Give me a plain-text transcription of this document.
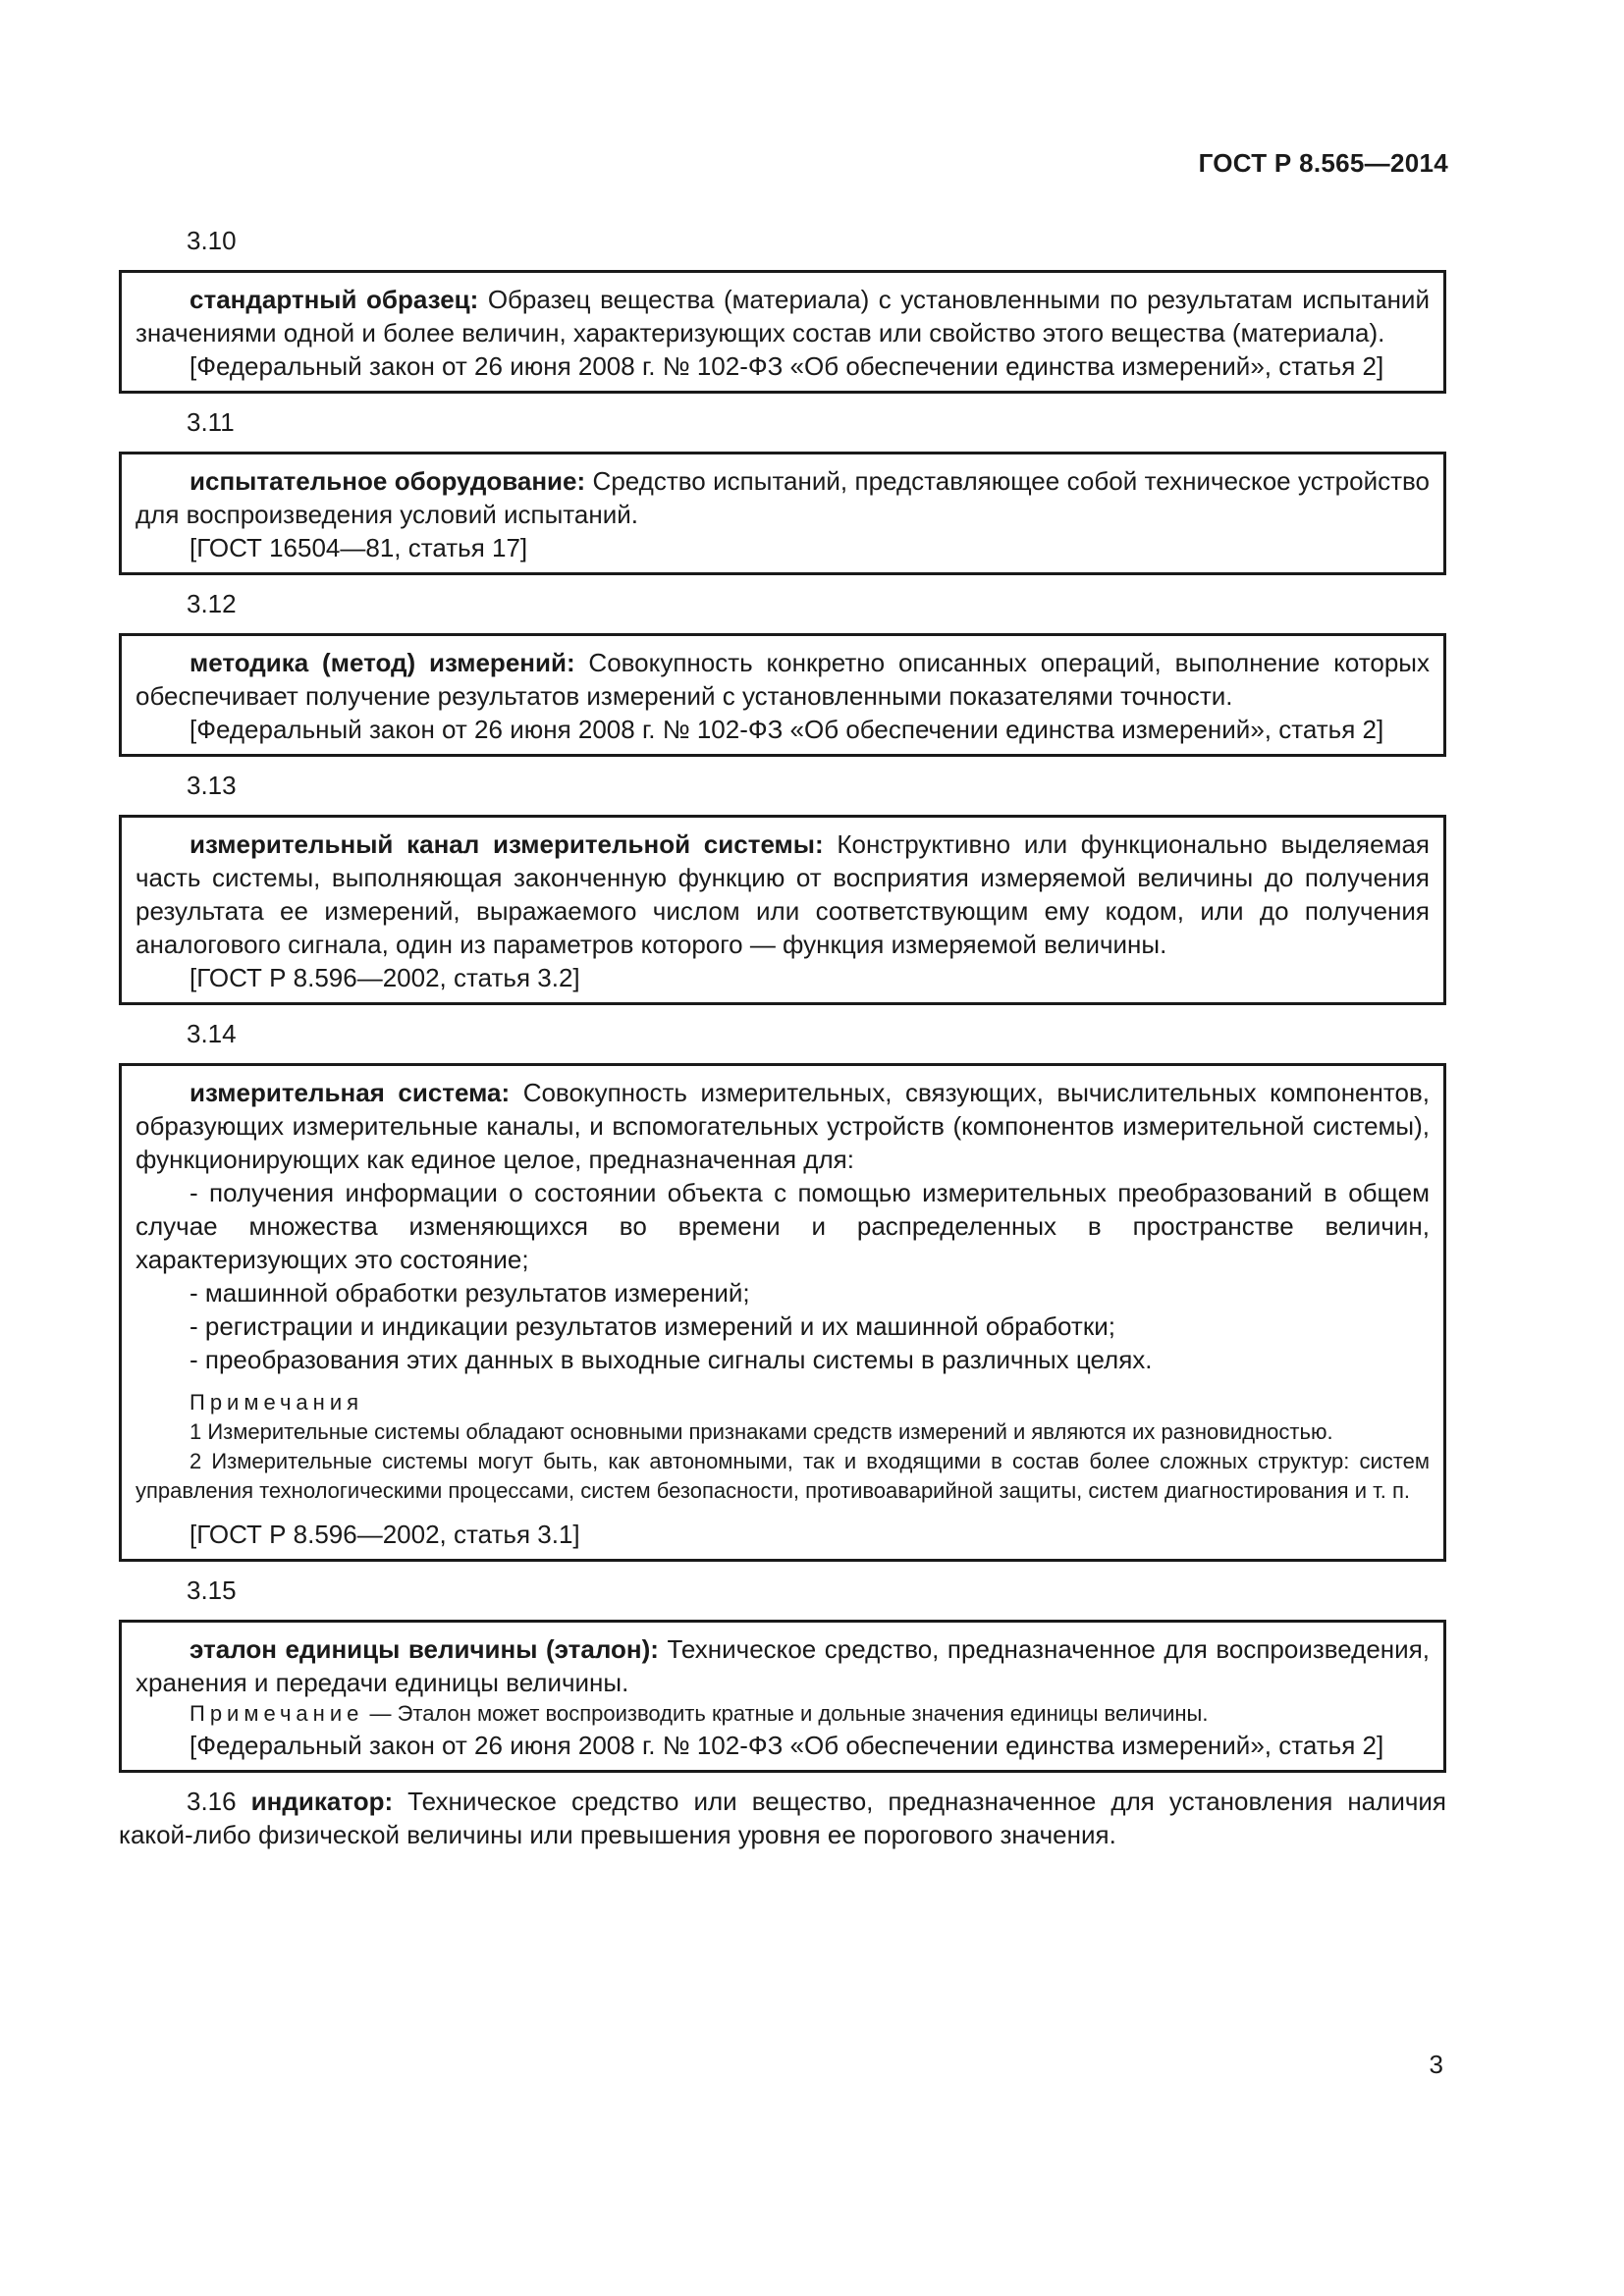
ГОСТ Р 8.565—2014
3.10

стандартный образец: Образец вещества (материала) с установленными по результатам испытаний значениями одной и более величин, характеризующих состав или свойство этого вещества (материала).

[Федеральный закон от 26 июня 2008 г. № 102-ФЗ «Об обеспечении единства измерений», статья 2]

3.11

испытательное оборудование: Средство испытаний, представляющее собой техническое устройство для воспроизведения условий испытаний.

[ГОСТ 16504—81, статья 17]

3.12

методика (метод) измерений: Совокупность конкретно описанных операций, выполнение которых обеспечивает получение результатов измерений с установленными показателями точности.

[Федеральный закон от 26 июня 2008 г. № 102-ФЗ «Об обеспечении единства измерений», статья 2]

3.13

измерительный канал измерительной системы: Конструктивно или функционально выделяемая часть системы, выполняющая законченную функцию от восприятия измеряемой величины до получения результата ее измерений, выражаемого числом или соответствующим ему кодом, или до получения аналогового сигнала, один из параметров которого — функция измеряемой величины.

[ГОСТ Р 8.596—2002, статья 3.2]

3.14

измерительная система: Совокупность измерительных, связующих, вычислительных компонентов, образующих измерительные каналы, и вспомогательных устройств (компонентов измерительной системы), функционирующих как единое целое, предназначенная для:

- получения информации о состоянии объекта с помощью измерительных преобразований в общем случае множества изменяющихся во времени и распределенных в пространстве величин, характеризующих это состояние;

- машинной обработки результатов измерений;

- регистрации и индикации результатов измерений и их машинной обработки;

- преобразования этих данных в выходные сигналы системы в различных целях.

Примечания

1 Измерительные системы обладают основными признаками средств измерений и являются их разновидностью.

2 Измерительные системы могут быть, как автономными, так и входящими в состав более сложных структур: систем управления технологическими процессами, систем безопасности, противоаварийной защиты, систем диагностирования и т. п.

[ГОСТ Р 8.596—2002, статья 3.1]

3.15

эталон единицы величины (эталон): Техническое средство, предназначенное для воспроизведения, хранения и передачи единицы величины.

Примечание — Эталон может воспроизводить кратные и дольные значения единицы величины.

[Федеральный закон от 26 июня 2008 г. № 102-ФЗ «Об обеспечении единства измерений», статья 2]

3.16 индикатор: Техническое средство или вещество, предназначенное для установления наличия какой-либо физической величины или превышения уровня ее порогового значения.

3
